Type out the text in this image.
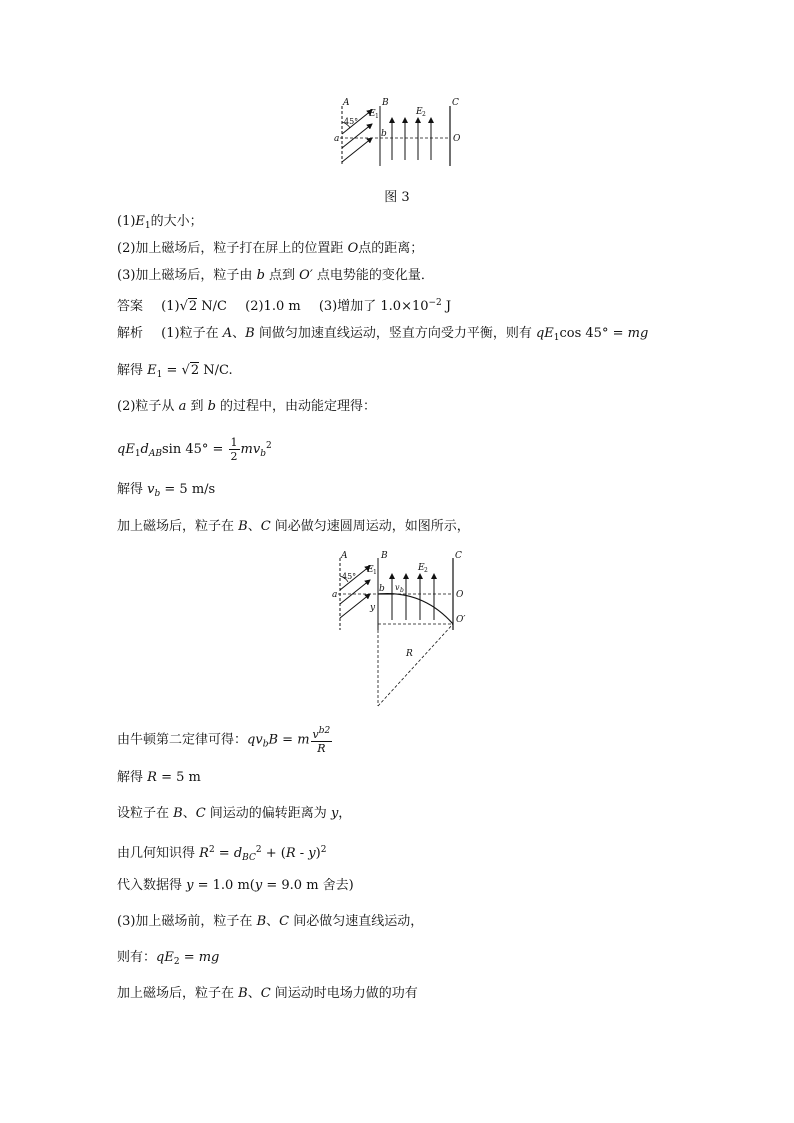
A	B	C
45°
E 1	E 2
a	b	O
图 3
$(1)E_1$的大小；
(2)加上磁场后，粒子打在屏上的位置距 O点的距离；
(3)加上磁场后，粒子由 b 点到 O′ 点电势能的变化量．
答案 (1)√2 N/C (2)1.0 m (3)增加了 $1.0\times 10^{-2}$ J
解析 (1)粒子在 A、B 间做匀加速直线运动，竖直方向受力平衡，则有 $qE_1\cos$ 45° = mg
解得 $E_1 = √2$ N/C.
(2)粒子从 a 到 b 的过程中，由动能定理得：
$qE_1d_{AB}\sin$ $45^\circ = \frac{1}{2} mv_b^2$
解得 $v_b = 5$ m/s
加上磁场后，粒子在 B、C 间必做匀速圆周运动，如图所示，
A	B	C
45°
E 1	E 2
a
b v b
y
O
O′
R
由牛顿第二定律可得：$qv_bB = m \frac{v^{b2}}{R}$
解得 R = 5 m
设粒子在 B、C 间运动的偏转距离为 y，
由几何知识得 $R^2 = d_{BC}^2 + (R - y)^2$
代入数据得 y = 1.0 m(y = 9.0 m 舍去)
(3)加上磁场前，粒子在 B、C 间必做匀速直线运动，
则有：$qE_2$ = mg
加上磁场后，粒子在 B、C 间运动时电场力做的功有
